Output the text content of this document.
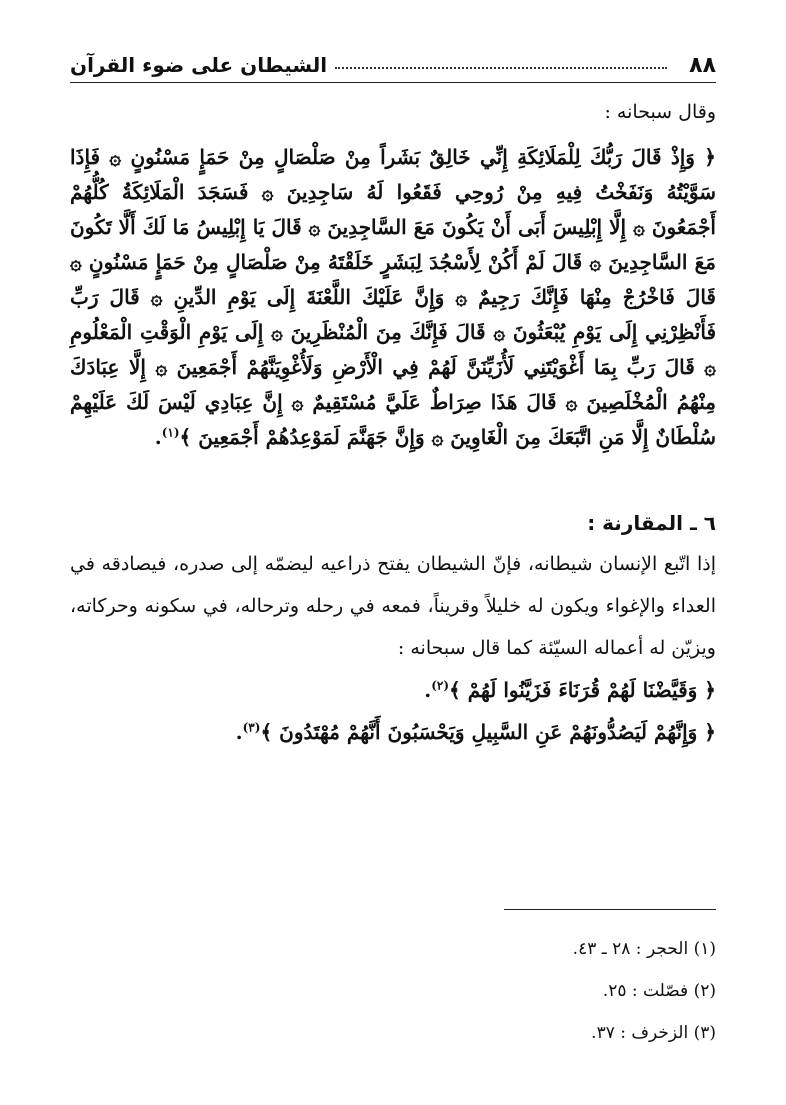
٨٨
الشيطان على ضوء القرآن

وقال سبحانه :

﴿ وَإِذْ قَالَ رَبُّكَ لِلْمَلَائِكَةِ إِنِّي خَالِقٌ بَشَراً مِنْ صَلْصَالٍ مِنْ حَمَإٍ مَسْنُونٍ ۞ فَإِذَا سَوَّيْتُهُ وَنَفَخْتُ فِيهِ مِنْ رُوحِي فَقَعُوا لَهُ سَاجِدِينَ ۞ فَسَجَدَ الْمَلَائِكَةُ كُلُّهُمْ أَجْمَعُونَ ۞ إِلَّا إِبْلِيسَ أَبَى أَنْ يَكُونَ مَعَ السَّاجِدِينَ ۞ قَالَ يَا إِبْلِيسُ مَا لَكَ أَلَّا تَكُونَ مَعَ السَّاجِدِينَ ۞ قَالَ لَمْ أَكُنْ لِأَسْجُدَ لِبَشَرٍ خَلَقْتَهُ مِنْ صَلْصَالٍ مِنْ حَمَإٍ مَسْنُونٍ ۞ قَالَ فَاخْرُجْ مِنْهَا فَإِنَّكَ رَجِيمٌ ۞ وَإِنَّ عَلَيْكَ اللَّعْنَةَ إِلَى يَوْمِ الدِّينِ ۞ قَالَ رَبِّ فَأَنْظِرْنِي إِلَى يَوْمِ يُبْعَثُونَ ۞ قَالَ فَإِنَّكَ مِنَ الْمُنْظَرِينَ ۞ إِلَى يَوْمِ الْوَقْتِ الْمَعْلُومِ ۞ قَالَ رَبِّ بِمَا أَغْوَيْتَنِي لَأُزَيِّنَنَّ لَهُمْ فِي الْأَرْضِ وَلَأُغْوِيَنَّهُمْ أَجْمَعِينَ ۞ إِلَّا عِبَادَكَ مِنْهُمُ الْمُخْلَصِينَ ۞ قَالَ هَذَا صِرَاطٌ عَلَيَّ مُسْتَقِيمٌ ۞ إِنَّ عِبَادِي لَيْسَ لَكَ عَلَيْهِمْ سُلْطَانٌ إِلَّا مَنِ اتَّبَعَكَ مِنَ الْغَاوِينَ ۞ وَإِنَّ جَهَنَّمَ لَمَوْعِدُهُمْ أَجْمَعِينَ ﴾$^{(١)}$.

٦ ـ المقارنة :

إذا اتّبع الإنسان شيطانه، فإنّ الشيطان يفتح ذراعيه ليضمّه إلى صدره، فيصادقه في العداء والإغواء ويكون له خليلاً وقريناً، فمعه في رحله وترحاله، في سكونه وحركاته، ويزيّن له أعماله السيّئة كما قال سبحانه :

﴿ وَقَيَّضْنَا لَهُمْ قُرَنَاءَ فَزَيَّنُوا لَهُمْ ﴾$^{(٢)}$.

﴿ وَإِنَّهُمْ لَيَصُدُّونَهُمْ عَنِ السَّبِيلِ وَيَحْسَبُونَ أَنَّهُمْ مُهْتَدُونَ ﴾$^{(٣)}$.

(١) الحجر : ٢٨ ـ ٤٣.

(٢) فصّلت : ٢٥.

(٣) الزخرف : ٣٧.
